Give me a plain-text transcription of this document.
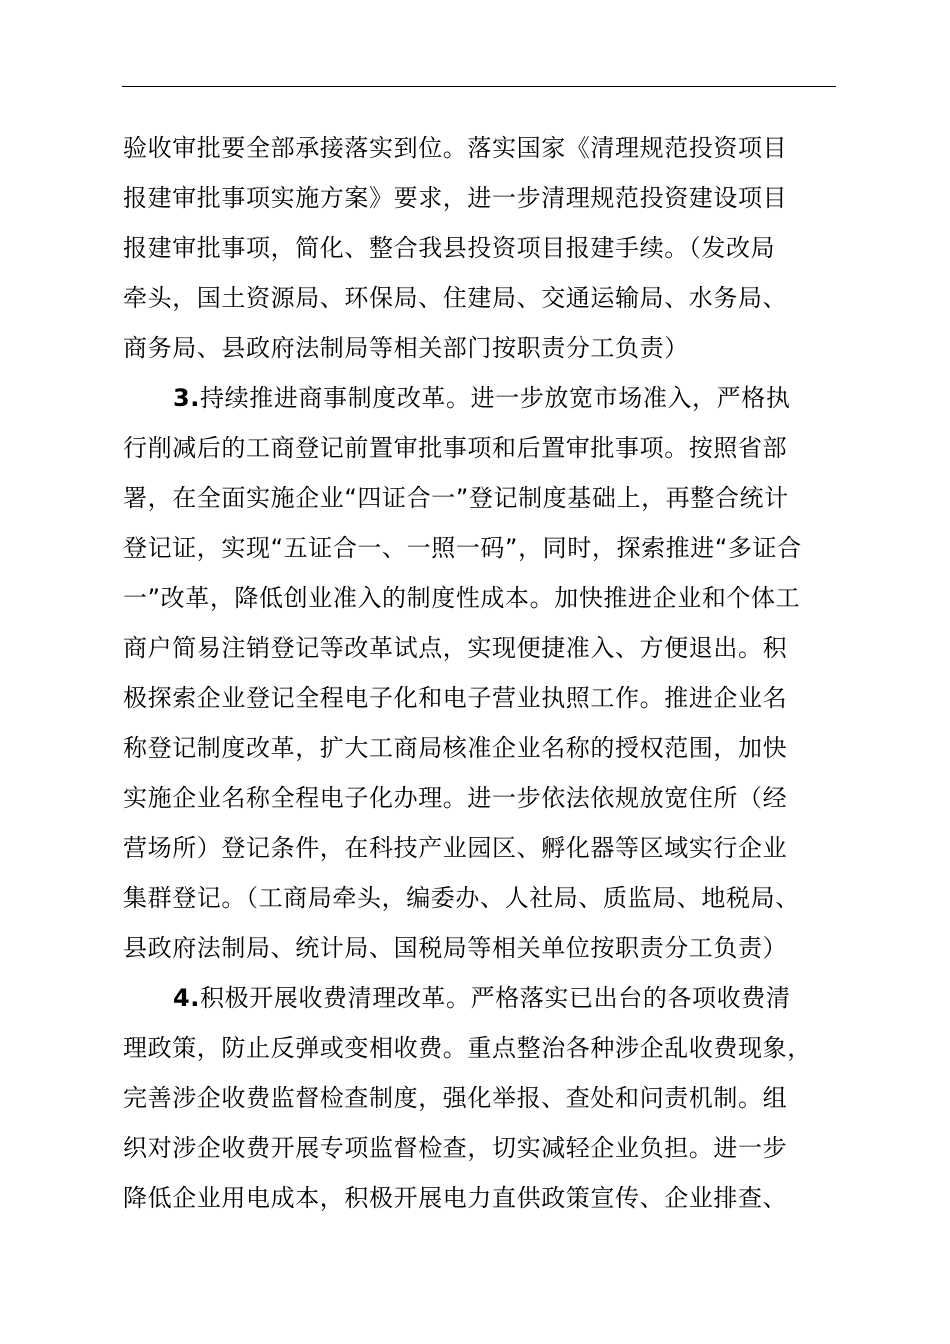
验收审批要全部承接落实到位。落实国家《清理规范投资项目
报建审批事项实施方案》要求，进一步清理规范投资建设项目
报建审批事项，简化、整合我县投资项目报建手续。（发改局
牵头，国土资源局、环保局、住建局、交通运输局、水务局、
商务局、县政府法制局等相关部门按职责分工负责）
3.持续推进商事制度改革。进一步放宽市场准入，严格执
行削减后的工商登记前置审批事项和后置审批事项。按照省部
署，在全面实施企业“四证合一”登记制度基础上，再整合统计
登记证，实现“五证合一、一照一码”，同时，探索推进“多证合
一”改革，降低创业准入的制度性成本。加快推进企业和个体工
商户简易注销登记等改革试点，实现便捷准入、方便退出。积
极探索企业登记全程电子化和电子营业执照工作。推进企业名
称登记制度改革，扩大工商局核准企业名称的授权范围，加快
实施企业名称全程电子化办理。进一步依法依规放宽住所（经
营场所）登记条件，在科技产业园区、孵化器等区域实行企业
集群登记。（工商局牵头，编委办、人社局、质监局、地税局、
县政府法制局、统计局、国税局等相关单位按职责分工负责）
4.积极开展收费清理改革。严格落实已出台的各项收费清
理政策，防止反弹或变相收费。重点整治各种涉企乱收费现象，
完善涉企收费监督检查制度，强化举报、查处和问责机制。组
织对涉企收费开展专项监督检查，切实减轻企业负担。进一步
降低企业用电成本，积极开展电力直供政策宣传、企业排查、
